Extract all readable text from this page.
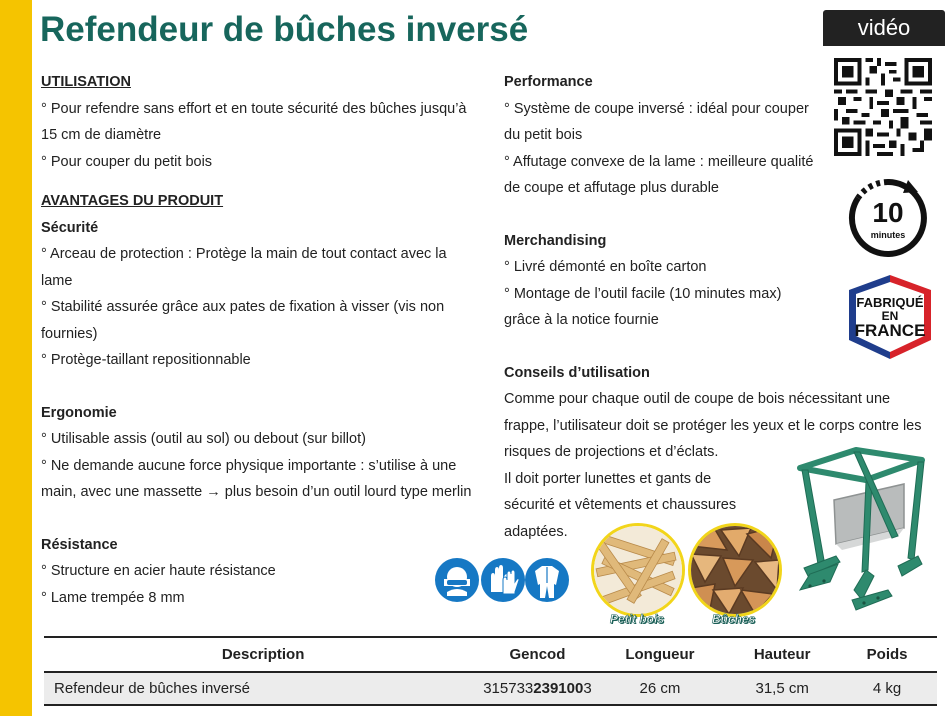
Refendeur de bûches inversé
UTILISATION
° Pour refendre sans effort et en toute sécurité des bûches jusqu’à
15 cm de diamètre
° Pour couper du petit bois
AVANTAGES DU PRODUIT
Sécurité
° Arceau de protection : Protège la main de tout contact avec la
lame
° Stabilité assurée grâce aux pates de fixation à visser (vis non
fournies)
° Protège-taillant repositionnable
Ergonomie
° Utilisable assis (outil au sol) ou debout (sur billot)
° Ne demande aucune force physique importante : s’utilise à une
main, avec une massette → plus besoin d’un outil lourd type merlin
Résistance
° Structure en acier haute résistance
° Lame trempée 8 mm
Performance
° Système de coupe inversé : idéal pour couper
du petit bois
° Affutage convexe de la lame : meilleure qualité
de coupe et affutage plus durable
Merchandising
° Livré démonté en boîte carton
° Montage de l’outil facile (10 minutes max)
grâce à la notice fournie
Conseils d’utilisation
Comme pour chaque outil de coupe de bois nécessitant une
frappe, l’utilisateur doit se protéger les yeux et le corps contre les
risques de projections et d’éclats.
Il doit porter lunettes et gants de
sécurité et vêtements et chaussures
adaptées.
vidéo
10
minutes
FABRIQUÉ
EN
FRANCE
Petit bois	Bûches
Description	Gencod	Longueur	Hauteur	Poids
Refendeur de bûches inversé	3157332391003	26 cm	31,5 cm	4 kg
